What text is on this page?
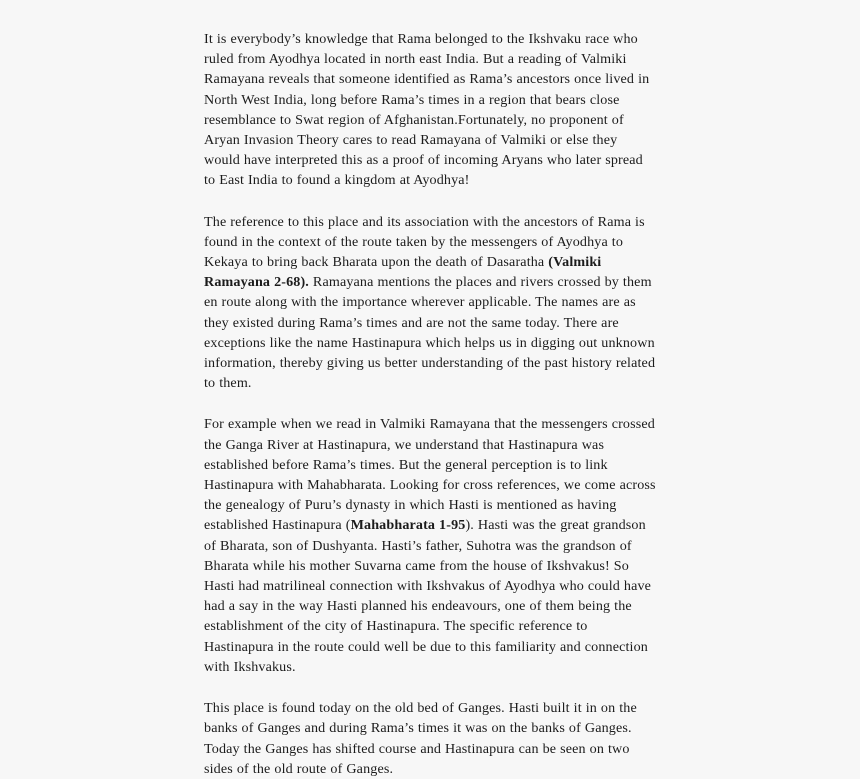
It is everybody’s knowledge that Rama belonged to the Ikshvaku race who ruled from Ayodhya located in north east India. But a reading of Valmiki Ramayana reveals that someone identified as Rama’s ancestors once lived in North West India, long before Rama’s times in a region that bears close resemblance to Swat region of Afghanistan.Fortunately, no proponent of Aryan Invasion Theory cares to read Ramayana of Valmiki or else they would have interpreted this as a proof of incoming Aryans who later spread to East India to found a kingdom at Ayodhya!

The reference to this place and its association with the ancestors of Rama is found in the context of the route taken by the messengers of Ayodhya to Kekaya to bring back Bharata upon the death of Dasaratha (Valmiki Ramayana 2-68). Ramayana mentions the places and rivers crossed by them en route along with the importance wherever applicable. The names are as they existed during Rama’s times and are not the same today. There are exceptions like the name Hastinapura which helps us in digging out unknown information, thereby giving us better understanding of the past history related to them.

For example when we read in Valmiki Ramayana that the messengers crossed the Ganga River at Hastinapura, we understand that Hastinapura was established before Rama’s times. But the general perception is to link Hastinapura with Mahabharata. Looking for cross references, we come across the genealogy of Puru’s dynasty in which Hasti is mentioned as having established Hastinapura (Mahabharata 1-95). Hasti was the great grandson of Bharata, son of Dushyanta. Hasti’s father, Suhotra was the grandson of Bharata while his mother Suvarna came from the house of Ikshvakus! So Hasti had matrilineal connection with Ikshvakus of Ayodhya who could have had a say in the way Hasti planned his endeavours, one of them being the establishment of the city of Hastinapura. The specific reference to Hastinapura in the route could well be due to this familiarity and connection with Ikshvakus.

This place is found today on the old bed of Ganges. Hasti built it in on the banks of Ganges and during Rama’s times it was on the banks of Ganges. Today the Ganges has shifted course and Hastinapura can be seen on two sides of the old route of Ganges.
